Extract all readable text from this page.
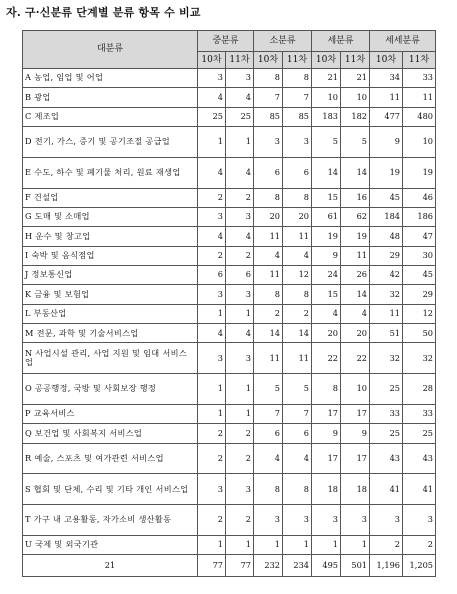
자. 구·신분류 단계별 분류 항목 수 비교
대분류	중분류		소분류		세분류		세세분류	
	10차	11차	10차	11차	10차	11차	10차	11차
A 농업, 임업 및 어업	3	3	8	8	21	21	34	33
B 광업	4	4	7	7	10	10	11	11
C 제조업	25	25	85	85	183	182	477	480
D 전기, 가스, 증기 및 공기조절 공급업	1	1	3	3	5	5	9	10
E 수도, 하수 및 폐기물 처리, 원료 재생업	4	4	6	6	14	14	19	19
F 건설업	2	2	8	8	15	16	45	46
G 도매 및 소매업	3	3	20	20	61	62	184	186
H 운수 및 창고업	4	4	11	11	19	19	48	47
I 숙박 및 음식점업	2	2	4	4	9	11	29	30
J 정보통신업	6	6	11	12	24	26	42	45
K 금융 및 보험업	3	3	8	8	15	14	32	29
L 부동산업	1	1	2	2	4	4	11	12
M 전문, 과학 및 기술서비스업	4	4	14	14	20	20	51	50
N 사업시설 관리, 사업 지원 및 임대 서비스업	3	3	11	11	22	22	32	32
O 공공행정, 국방 및 사회보장 행정	1	1	5	5	8	10	25	28
P 교육서비스	1	1	7	7	17	17	33	33
Q 보건업 및 사회복지 서비스업	2	2	6	6	9	9	25	25
R 예술, 스포츠 및 여가관련 서비스업	2	2	4	4	17	17	43	43
S 협회 및 단체, 수리 및 기타 개인 서비스업	3	3	8	8	18	18	41	41
T 가구 내 고용활동, 자가소비 생산활동	2	2	3	3	3	3	3	3
U 국제 및 외국기관	1	1	1	1	1	1	2	2
21	77	77	232	234	495	501	1,196	1,205
